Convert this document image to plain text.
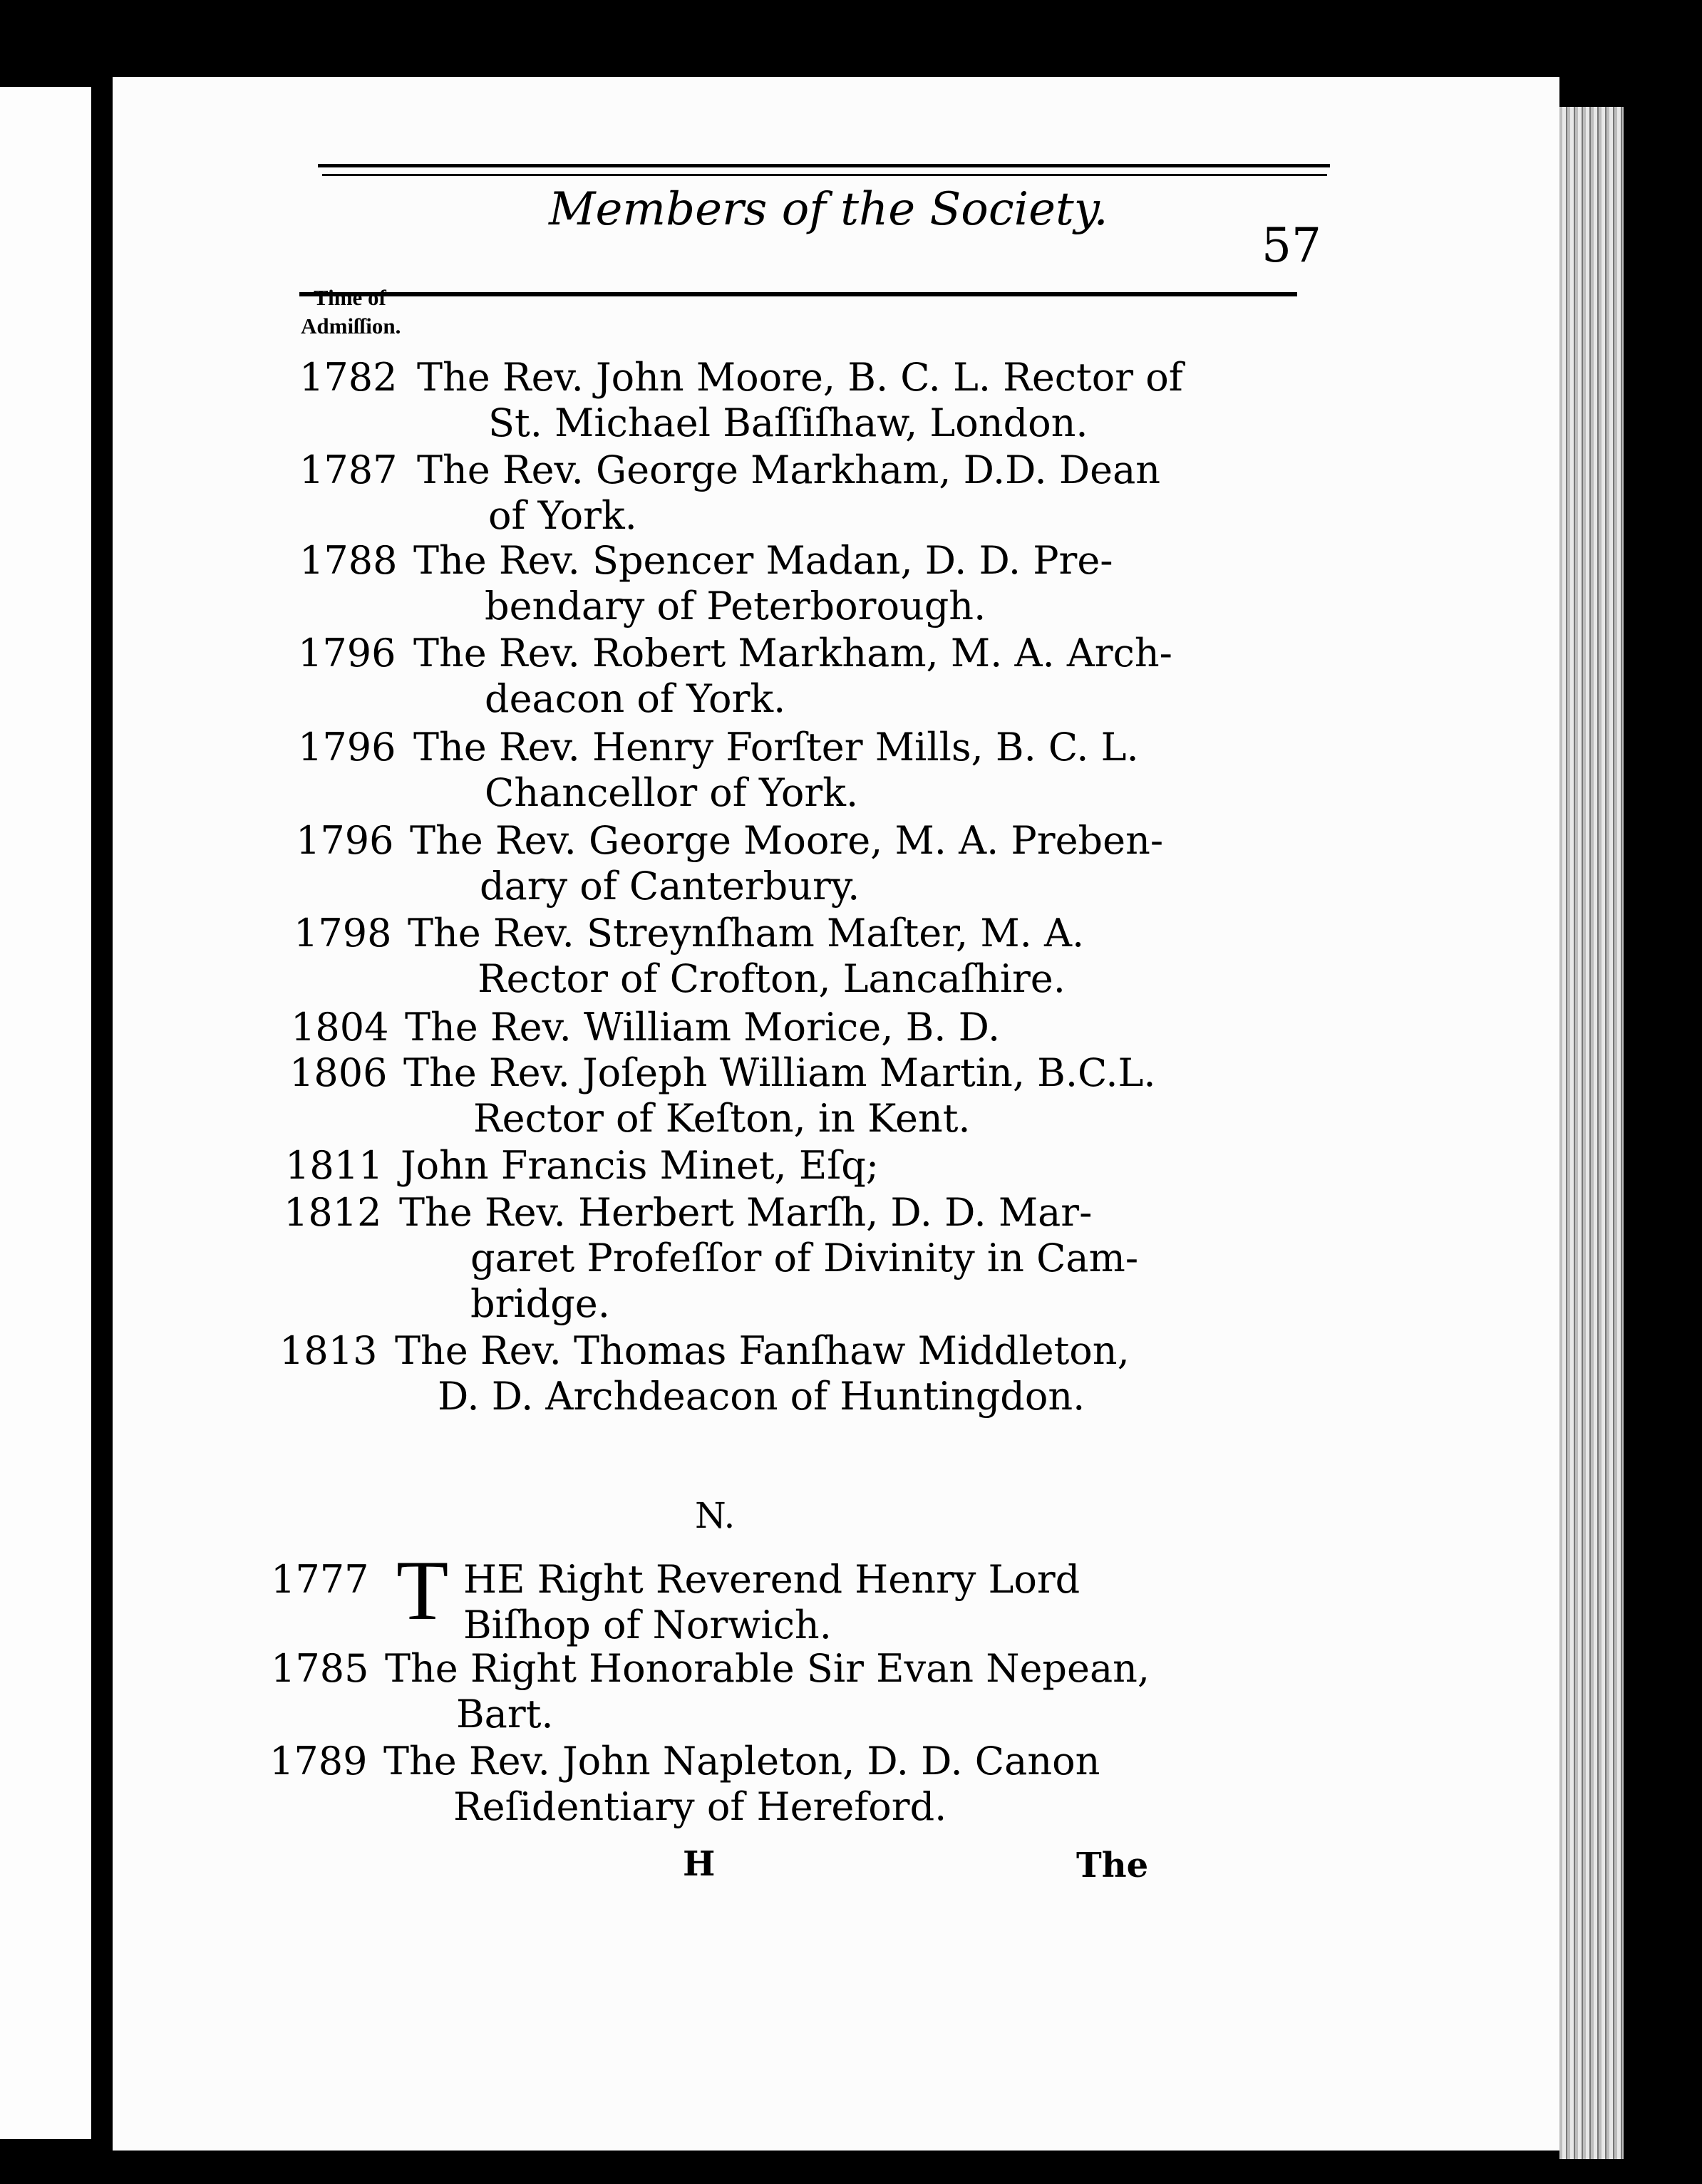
Members of the Society.
57
Time of
Admiſſion.
1782 The Rev. John Moore, B. C. L. Rector of
St. Michael Baſſiſhaw, London.
1787 The Rev. George Markham, D.D. Dean
of York.
1788 The Rev. Spencer Madan, D. D. Pre-
bendary of Peterborough.
1796 The Rev. Robert Markham, M. A. Arch-
deacon of York.
1796 The Rev. Henry Forſter Mills, B. C. L.
Chancellor of York.
1796 The Rev. George Moore, M. A. Preben-
dary of Canterbury.
1798 The Rev. Streynſham Maſter, M. A.
Rector of Crofton, Lancaſhire.
1804 The Rev. William Morice, B. D.
1806 The Rev. Joſeph William Martin, B.C.L.
Rector of Keſton, in Kent.
1811 John Francis Minet, Eſq;
1812 The Rev. Herbert Marſh, D. D. Mar-
garet Profeſſor of Divinity in Cam-
bridge.
1813 The Rev. Thomas Fanſhaw Middleton,
D. D. Archdeacon of Huntingdon.
N.
T
1777 HE Right Reverend Henry Lord
Biſhop of Norwich.
1785 The Right Honorable Sir Evan Nepean,
Bart.
1789 The Rev. John Napleton, D. D. Canon
Reſidentiary of Hereford.
H	The
